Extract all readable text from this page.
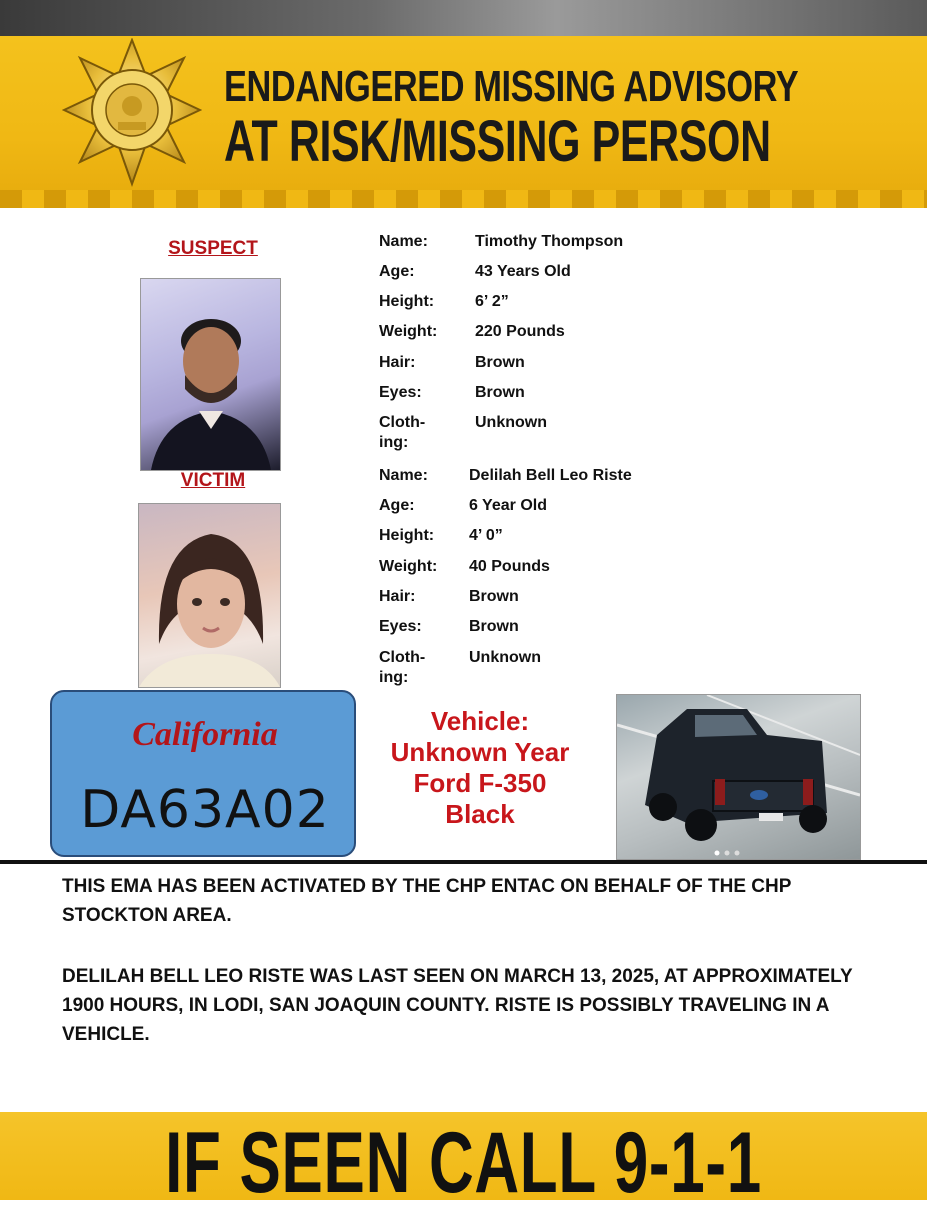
ENDANGERED MISSING ADVISORY
AT RISK/MISSING PERSON
SUSPECT
VICTIM
Name:	Timothy Thompson
Age:	43 Years Old
Height:	6’ 2”
Weight:	220 Pounds
Hair:	Brown
Eyes:	Brown
Cloth-
ing:
Unknown
Name:	Delilah Bell Leo Riste
Age:	6 Year Old
Height:	4’ 0”
Weight:	40 Pounds
Hair:	Brown
Eyes:	Brown
Cloth-
ing:
Unknown
California
DA63A02
Vehicle:
Unknown Year
Ford F-350
Black
THIS EMA HAS BEEN ACTIVATED BY THE CHP ENTAC ON BEHALF OF THE CHP STOCKTON AREA.
DELILAH BELL LEO RISTE WAS LAST SEEN ON MARCH 13, 2025, AT APPROXIMATELY 1900 HOURS, IN LODI, SAN JOAQUIN COUNTY. RISTE IS POSSIBLY TRAVELING IN A VEHICLE.
IF SEEN CALL 9-1-1
